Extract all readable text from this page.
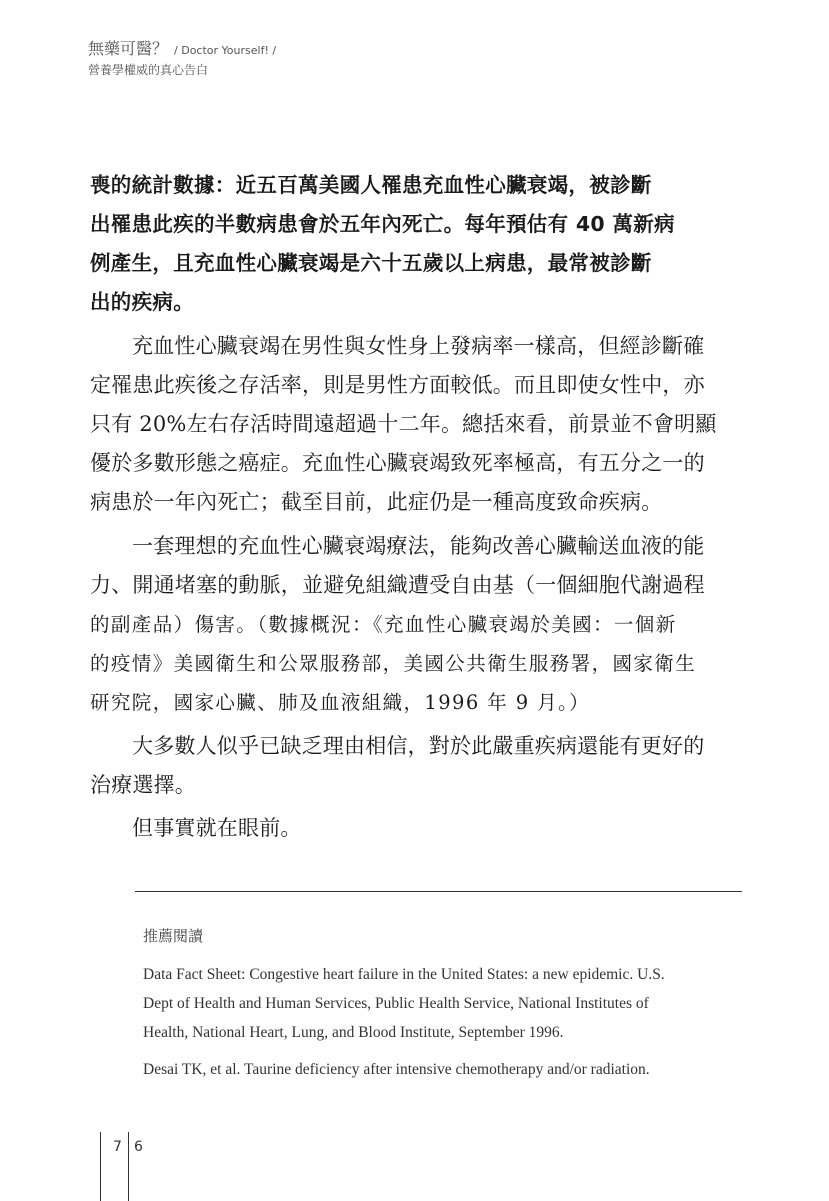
無藥可醫？ / Doctor Yourself! /
營養學權威的真心告白
喪的統計數據：近五百萬美國人罹患充血性心臟衰竭，被診斷
出罹患此疾的半數病患會於五年內死亡。每年預估有 40 萬新病
例產生，且充血性心臟衰竭是六十五歲以上病患，最常被診斷
出的疾病。
充血性心臟衰竭在男性與女性身上發病率一樣高，但經診斷確
定罹患此疾後之存活率，則是男性方面較低。而且即使女性中，亦
只有 20%左右存活時間遠超過十二年。總括來看，前景並不會明顯
優於多數形態之癌症。充血性心臟衰竭致死率極高，有五分之一的
病患於一年內死亡；截至目前，此症仍是一種高度致命疾病。
一套理想的充血性心臟衰竭療法，能夠改善心臟輸送血液的能
力、開通堵塞的動脈，並避免組織遭受自由基（一個細胞代謝過程
的副產品）傷害。（數據概況：《充血性心臟衰竭於美國：一個新
的疫情》美國衛生和公眾服務部，美國公共衛生服務署，國家衛生
研究院，國家心臟、肺及血液組織，1996 年 9 月。）
大多數人似乎已缺乏理由相信，對於此嚴重疾病還能有更好的
治療選擇。
但事實就在眼前。
推薦閱讀
Data Fact Sheet: Congestive heart failure in the United States: a new epidemic. U.S.
Dept of Health and Human Services, Public Health Service, National Institutes of
Health, National Heart, Lung, and Blood Institute, September 1996.
Desai TK, et al. Taurine deficiency after intensive chemotherapy and/or radiation.
7 6
